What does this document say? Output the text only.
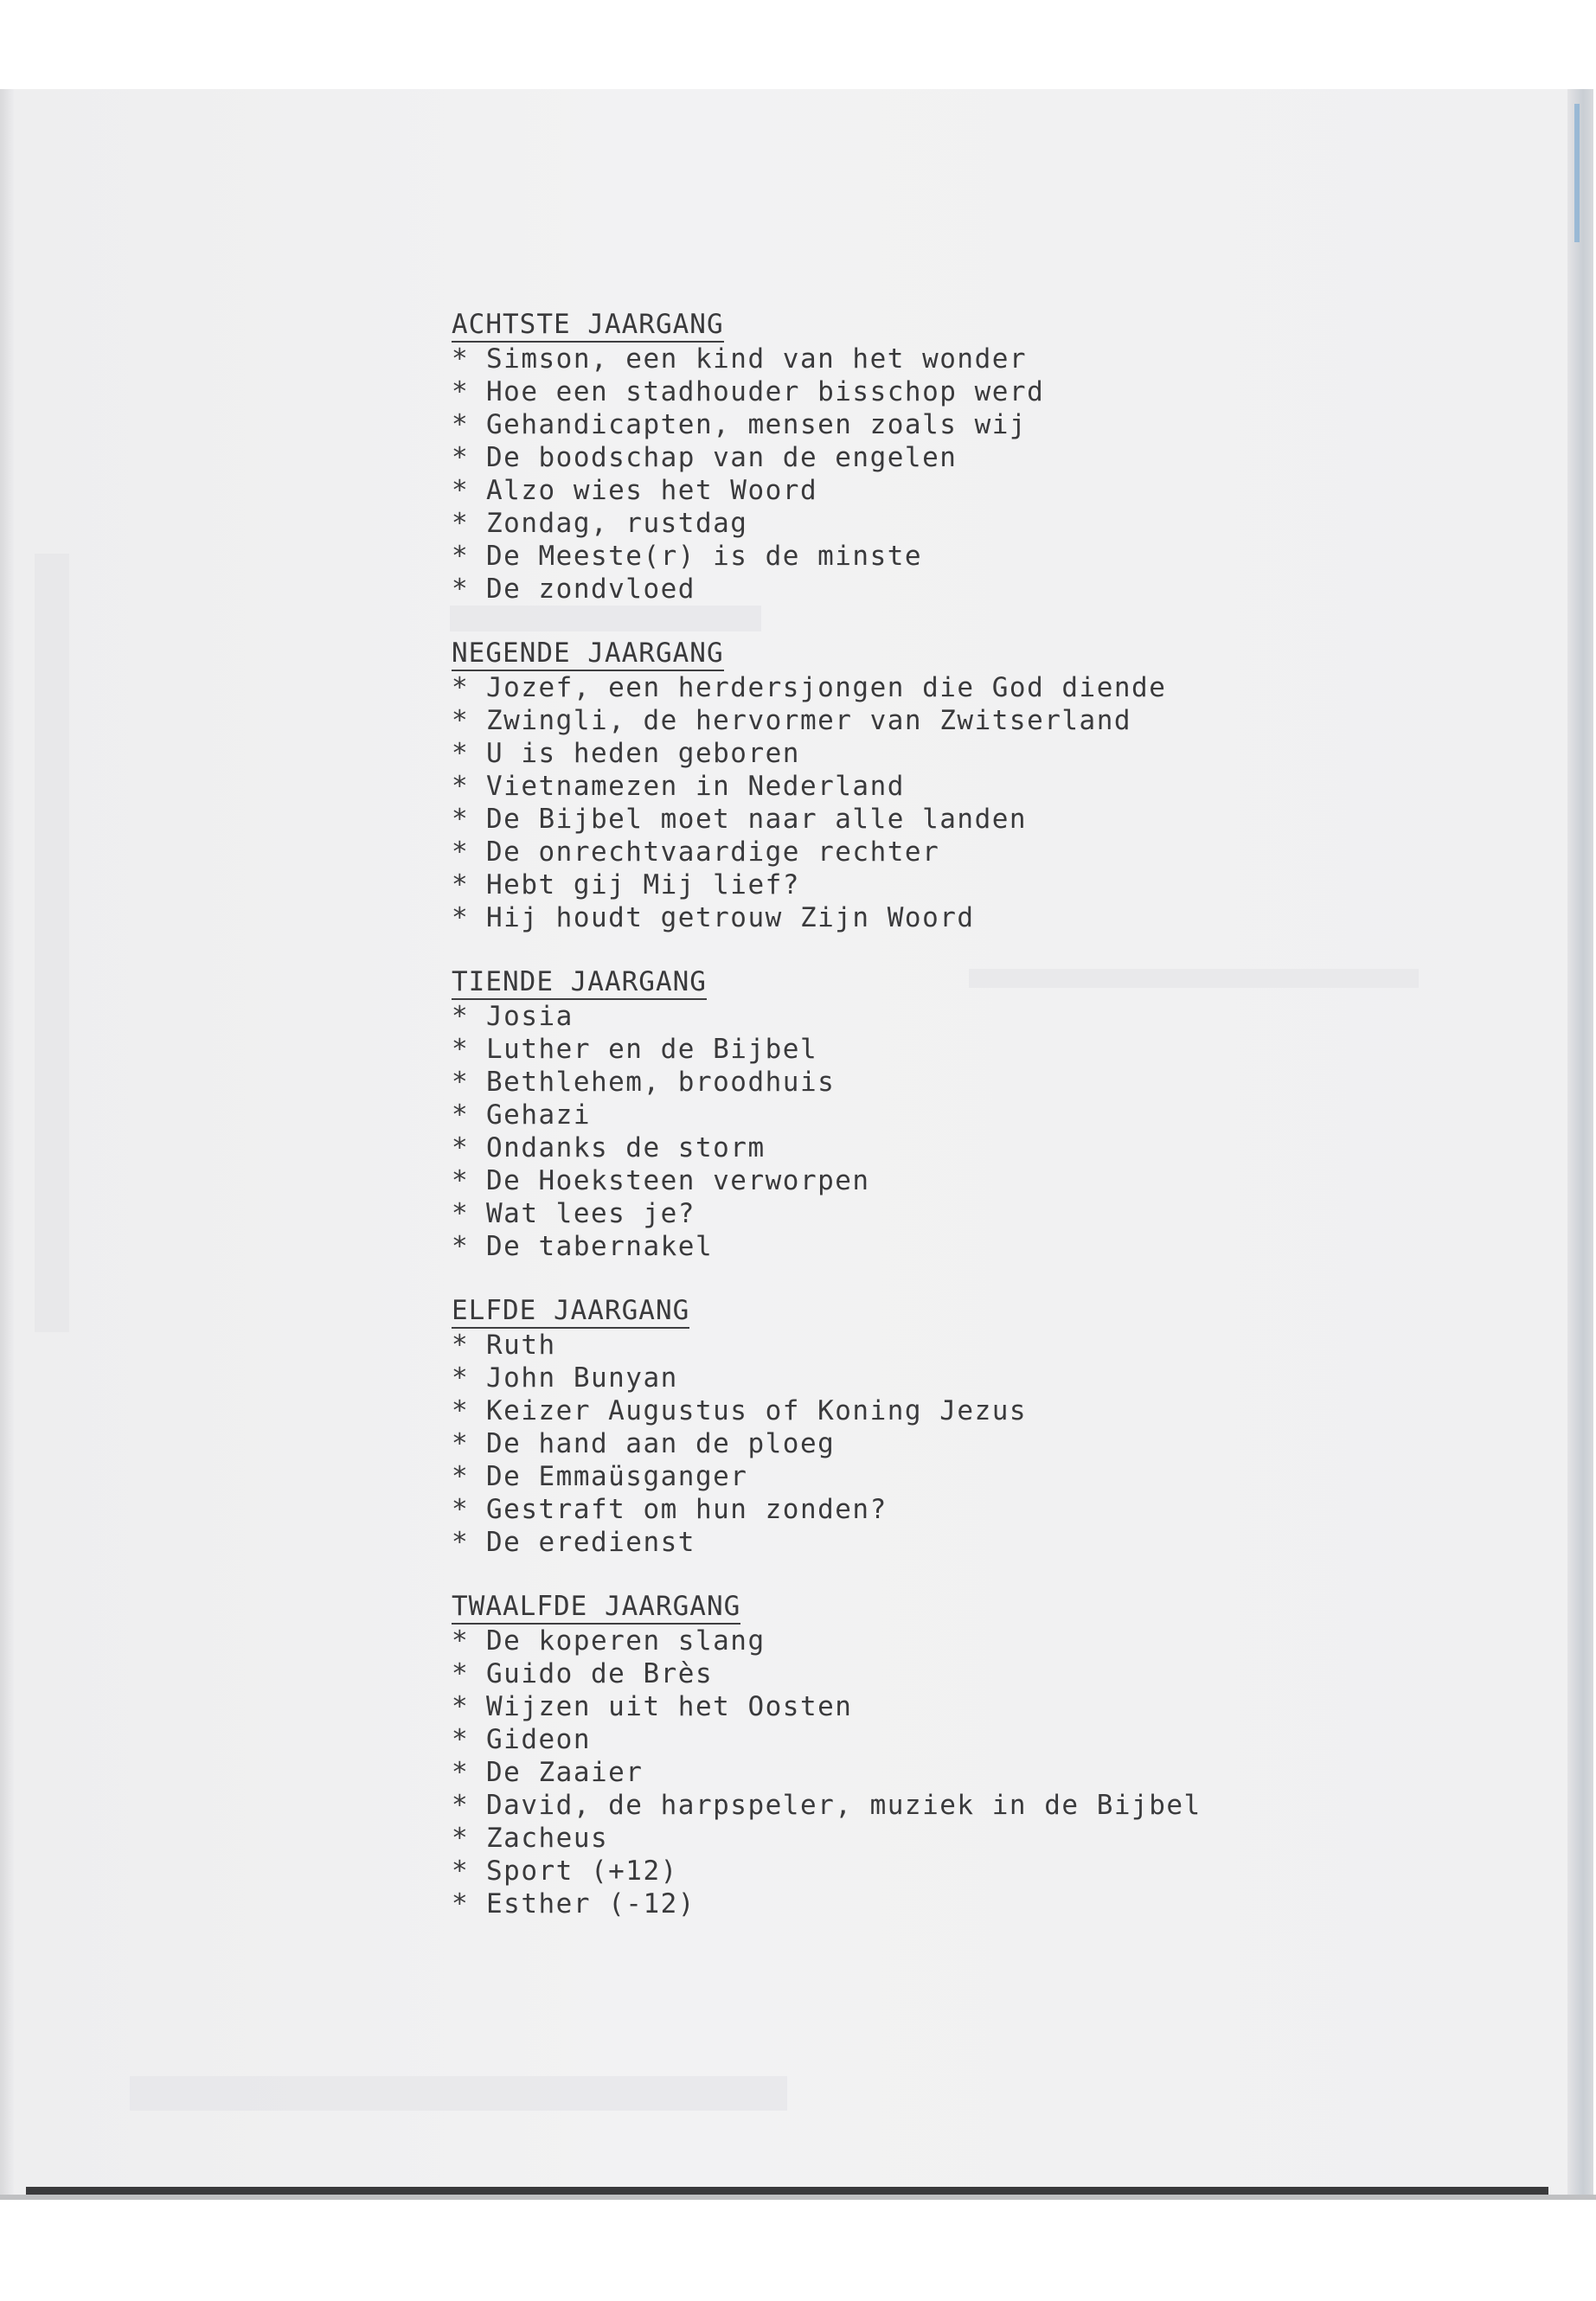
ACHTSTE JAARGANG
* Simson, een kind van het wonder
* Hoe een stadhouder bisschop werd
* Gehandicapten, mensen zoals wij
* De boodschap van de engelen
* Alzo wies het Woord
* Zondag, rustdag
* De Meeste(r) is de minste
* De zondvloed
NEGENDE JAARGANG
* Jozef, een herdersjongen die God diende
* Zwingli, de hervormer van Zwitserland
* U is heden geboren
* Vietnamezen in Nederland
* De Bijbel moet naar alle landen
* De onrechtvaardige rechter
* Hebt gij Mij lief?
* Hij houdt getrouw Zijn Woord
TIENDE JAARGANG
* Josia
* Luther en de Bijbel
* Bethlehem, broodhuis
* Gehazi
* Ondanks de storm
* De Hoeksteen verworpen
* Wat lees je?
* De tabernakel
ELFDE JAARGANG
* Ruth
* John Bunyan
* Keizer Augustus of Koning Jezus
* De hand aan de ploeg
* De Emmaüsganger
* Gestraft om hun zonden?
* De eredienst
TWAALFDE JAARGANG
* De koperen slang
* Guido de Brès
* Wijzen uit het Oosten
* Gideon
* De Zaaier
* David, de harpspeler, muziek in de Bijbel
* Zacheus
* Sport (+12)
* Esther (-12)
